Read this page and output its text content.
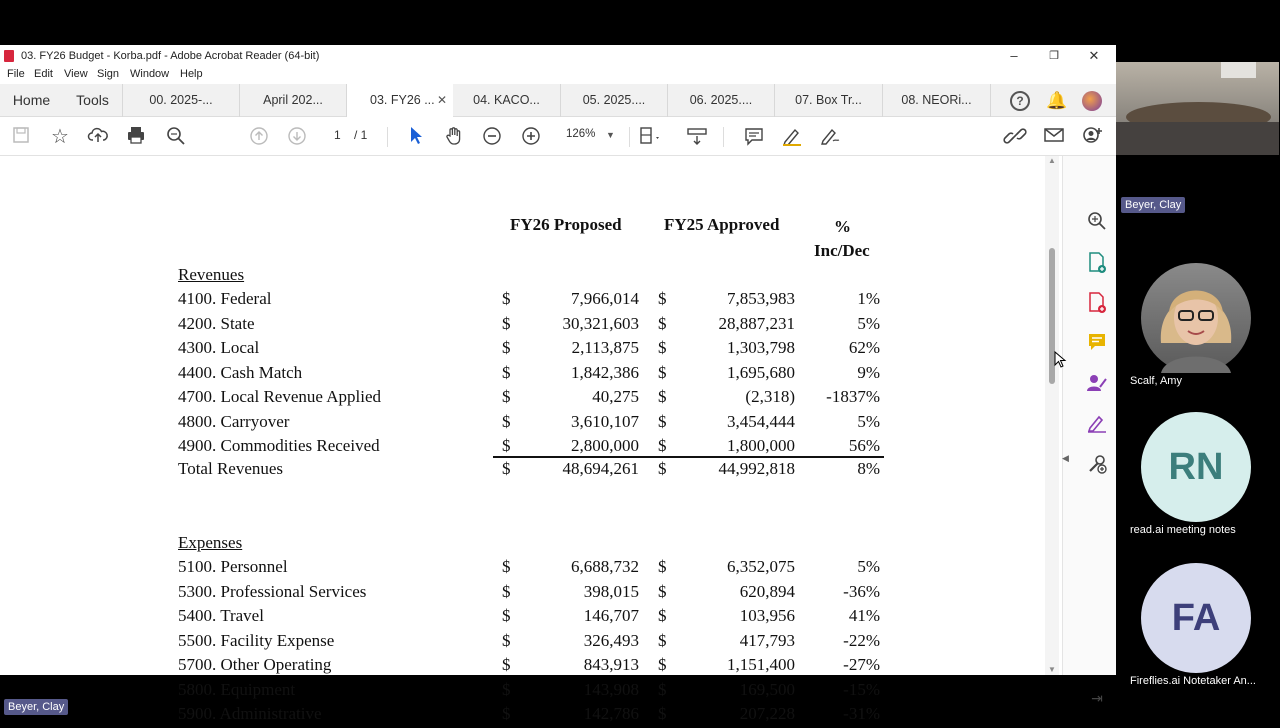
03. FY26 Budget - Korba.pdf - Adobe Acrobat Reader (64-bit)	–	❐	✕
File Edit View Sign Window Help
Home	Tools	00. 2025-...	April 202...	03. FY26 ... ✕	04. KACO...	05. 2025....	06. 2025....	07. Box Tr...	08. NEORi...	?	🔔
☆	1 / 1	126% ▼
FY26 Proposed FY25 Approved	%
Inc/Dec
Revenues
4100. Federal	$	7,966,014 $	7,853,983	1%
4200. State	$	30,321,603 $	28,887,231	5%
4300. Local	$	2,113,875 $	1,303,798	62%
4400. Cash Match	$	1,842,386 $	1,695,680	9%
4700. Local Revenue Applied	$	40,275 $	(2,318) -1837%
4800. Carryover	$	3,610,107 $	3,454,444	5%
4900. Commodities Received	$	2,800,000 $	1,800,000	56%
Total Revenues	$	48,694,261 $	44,992,818	8%
Expenses
5100. Personnel	$	6,688,732 $	6,352,075	5%
5300. Professional Services	$	398,015 $	620,894	-36%
5400. Travel	$	146,707 $	103,956	41%
5500. Facility Expense	$	326,493 $	417,793	-22%
5700. Other Operating	$	843,913 $	1,151,400	-27%
5800. Equipment	$	143,908 $	169,500	-15%
5900. Administrative	$	142,786 $	207,228	-31%
▲
▼
◀
⇥
Beyer, Clay
Beyer, Clay
Scalf, Amy
RN
read.ai meeting notes
FA
Fireflies.ai Notetaker An...
